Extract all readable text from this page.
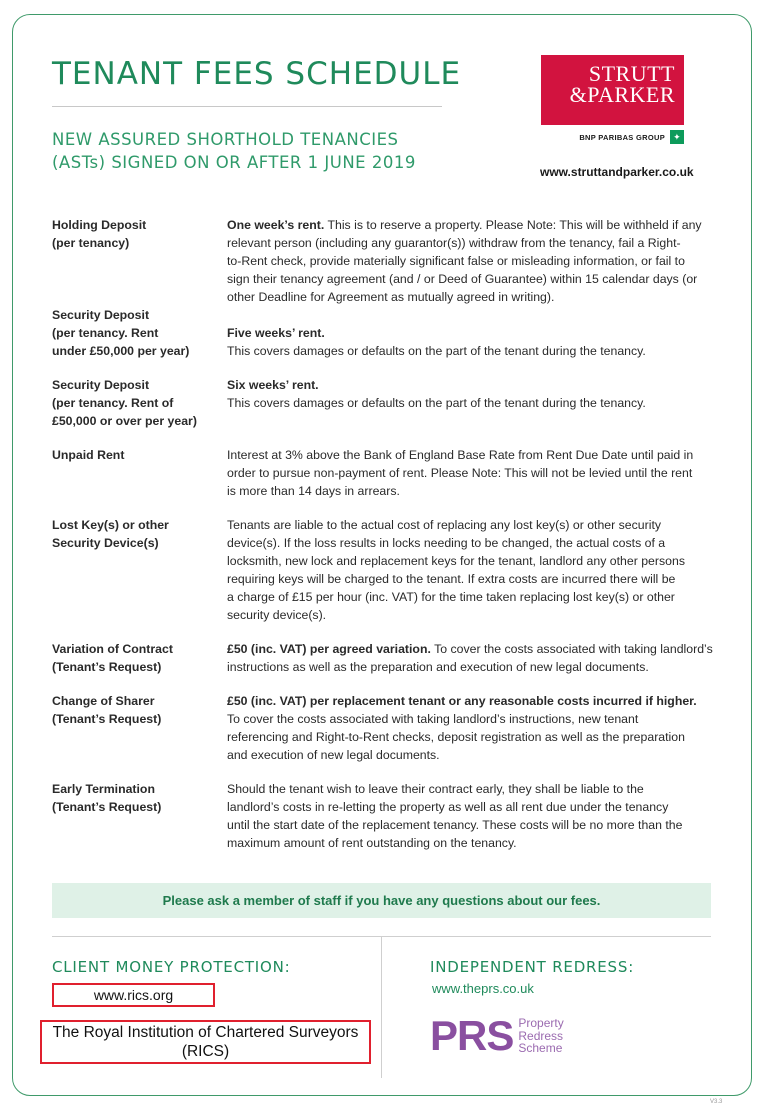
TENANT FEES SCHEDULE
NEW ASSURED SHORTHOLD TENANCIES
(ASTs) SIGNED ON OR AFTER 1 JUNE 2019
STRUTT
&PARKER
BNP PARIBAS GROUP ✦
www.struttandparker.co.uk
Holding Deposit
(per tenancy)
One week’s rent. This is to reserve a property. Please Note: This will be withheld if any
relevant person (including any guarantor(s)) withdraw from the tenancy, fail a Right-
to-Rent check, provide materially significant false or misleading information, or fail to
sign their tenancy agreement (and / or Deed of Guarantee) within 15 calendar days (or
other Deadline for Agreement as mutually agreed in writing).
Security Deposit
(per tenancy. Rent
under £50,000 per year)
Five weeks’ rent.
This covers damages or defaults on the part of the tenant during the tenancy.
Security Deposit
(per tenancy. Rent of
£50,000 or over per year)
Six weeks’ rent.
This covers damages or defaults on the part of the tenant during the tenancy.
Unpaid Rent	Interest at 3% above the Bank of England Base Rate from Rent Due Date until paid in
order to pursue non-payment of rent. Please Note: This will not be levied until the rent
is more than 14 days in arrears.
Lost Key(s) or other
Security Device(s)
Tenants are liable to the actual cost of replacing any lost key(s) or other security
device(s). If the loss results in locks needing to be changed, the actual costs of a
locksmith, new lock and replacement keys for the tenant, landlord any other persons
requiring keys will be charged to the tenant. If extra costs are incurred there will be
a charge of £15 per hour (inc. VAT) for the time taken replacing lost key(s) or other
security device(s).
Variation of Contract
(Tenant’s Request)
£50 (inc. VAT) per agreed variation. To cover the costs associated with taking landlord’s
instructions as well as the preparation and execution of new legal documents.
Change of Sharer
(Tenant’s Request)
£50 (inc. VAT) per replacement tenant or any reasonable costs incurred if higher.
To cover the costs associated with taking landlord’s instructions, new tenant
referencing and Right-to-Rent checks, deposit registration as well as the preparation
and execution of new legal documents.
Early Termination
(Tenant’s Request)
Should the tenant wish to leave their contract early, they shall be liable to the
landlord’s costs in re-letting the property as well as all rent due under the tenancy
until the start date of the replacement tenancy. These costs will be no more than the
maximum amount of rent outstanding on the tenancy.
Please ask a member of staff if you have any questions about our fees.
CLIENT MONEY PROTECTION:
www.rics.org
The Royal Institution of Chartered Surveyors
(RICS)
INDEPENDENT REDRESS:
www.theprs.co.uk
PRS Property
Redress
Scheme
V3.3
